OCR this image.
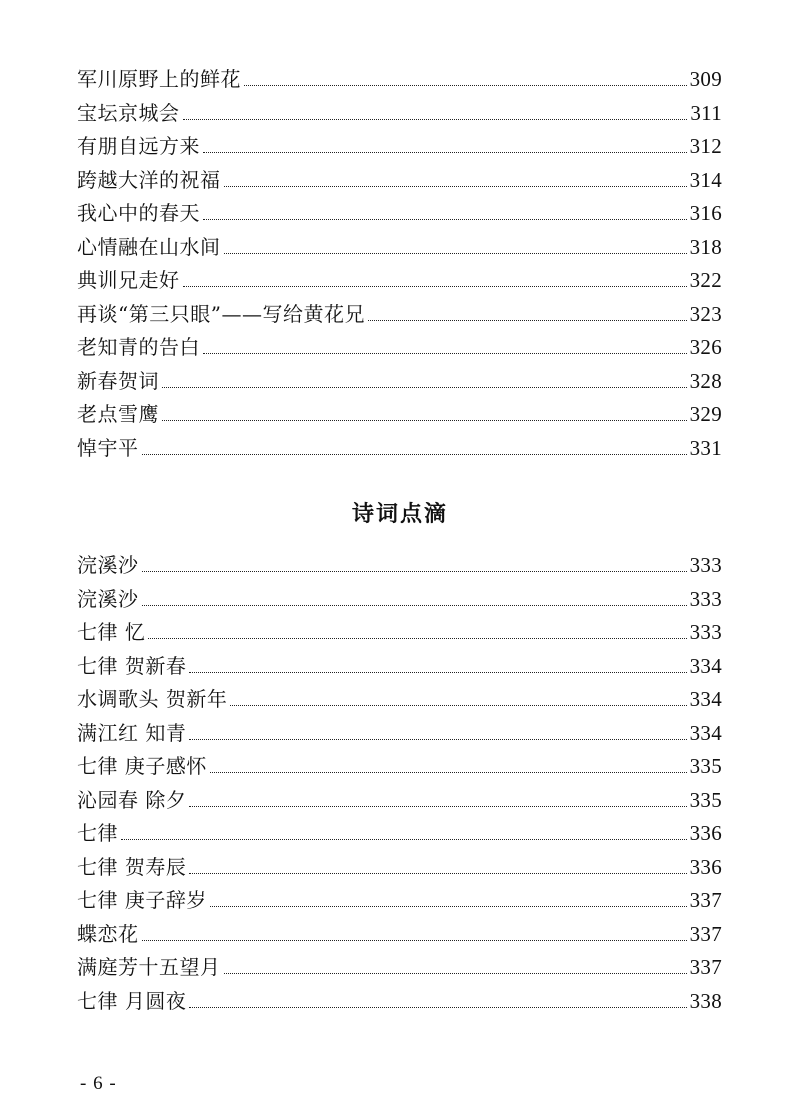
军川原野上的鲜花	309
宝坛京城会	311
有朋自远方来	312
跨越大洋的祝福	314
我心中的春天	316
心情融在山水间	318
典训兄走好	322
再谈“第三只眼”——写给黄花兄	323
老知青的告白	326
新春贺词	328
老点雪鹰	329
悼宇平	331
诗词点滴
浣溪沙	333
浣溪沙	333
七律 忆	333
七律 贺新春	334
水调歌头 贺新年	334
满江红 知青	334
七律 庚子感怀	335
沁园春 除夕	335
七律	336
七律 贺寿辰	336
七律 庚子辞岁	337
蝶恋花	337
满庭芳十五望月	337
七律 月圆夜	338
- 6 -
